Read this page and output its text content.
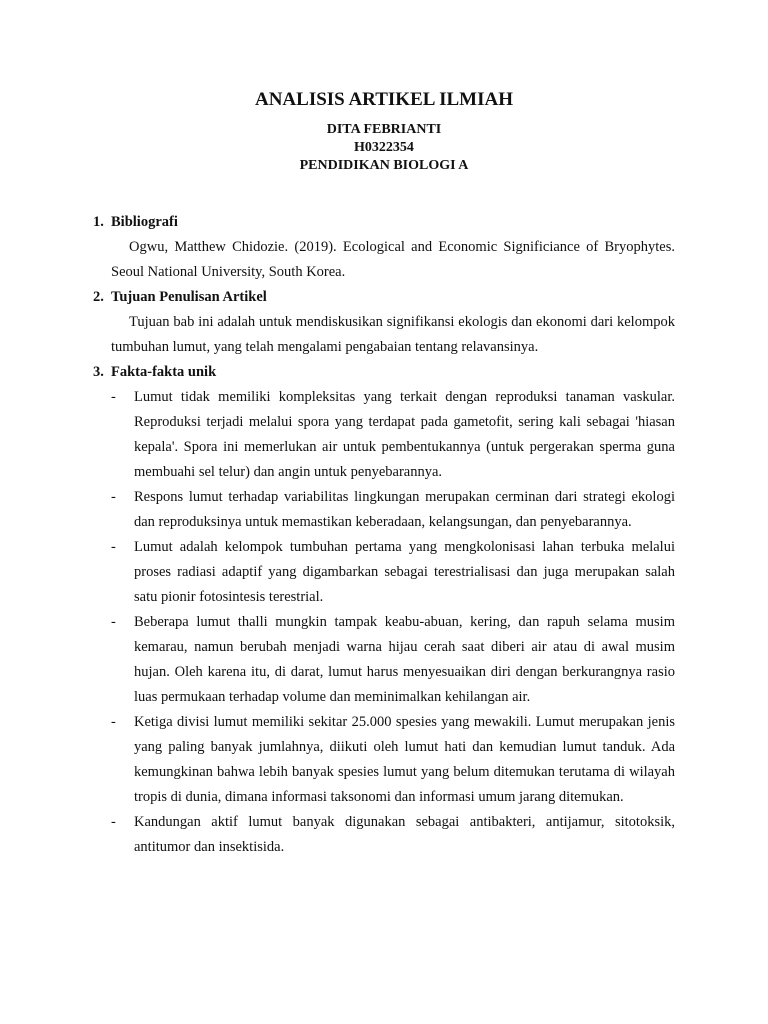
ANALISIS ARTIKEL ILMIAH
DITA FEBRIANTI
H0322354
PENDIDIKAN BIOLOGI A
1. Bibliografi
Ogwu, Matthew Chidozie. (2019). Ecological and Economic Significiance of Bryophytes. Seoul National University, South Korea.
2. Tujuan Penulisan Artikel
Tujuan bab ini adalah untuk mendiskusikan signifikansi ekologis dan ekonomi dari kelompok tumbuhan lumut, yang telah mengalami pengabaian tentang relavansinya.
3. Fakta-fakta unik
-	Lumut tidak memiliki kompleksitas yang terkait dengan reproduksi tanaman vaskular. Reproduksi terjadi melalui spora yang terdapat pada gametofit, sering kali sebagai 'hiasan kepala'. Spora ini memerlukan air untuk pembentukannya (untuk pergerakan sperma guna membuahi sel telur) dan angin untuk penyebarannya.
-	Respons lumut terhadap variabilitas lingkungan merupakan cerminan dari strategi ekologi dan reproduksinya untuk memastikan keberadaan, kelangsungan, dan penyebarannya.
-	Lumut adalah kelompok tumbuhan pertama yang mengkolonisasi lahan terbuka melalui proses radiasi adaptif yang digambarkan sebagai terestrialisasi dan juga merupakan salah satu pionir fotosintesis terestrial.
-	Beberapa lumut thalli mungkin tampak keabu-abuan, kering, dan rapuh selama musim kemarau, namun berubah menjadi warna hijau cerah saat diberi air atau di awal musim hujan. Oleh karena itu, di darat, lumut harus menyesuaikan diri dengan berkurangnya rasio luas permukaan terhadap volume dan meminimalkan kehilangan air.
-	Ketiga divisi lumut memiliki sekitar 25.000 spesies yang mewakili. Lumut merupakan jenis yang paling banyak jumlahnya, diikuti oleh lumut hati dan kemudian lumut tanduk. Ada kemungkinan bahwa lebih banyak spesies lumut yang belum ditemukan terutama di wilayah tropis di dunia, dimana informasi taksonomi dan informasi umum jarang ditemukan.
-	Kandungan aktif lumut banyak digunakan sebagai antibakteri, antijamur, sitotoksik, antitumor dan insektisida.
